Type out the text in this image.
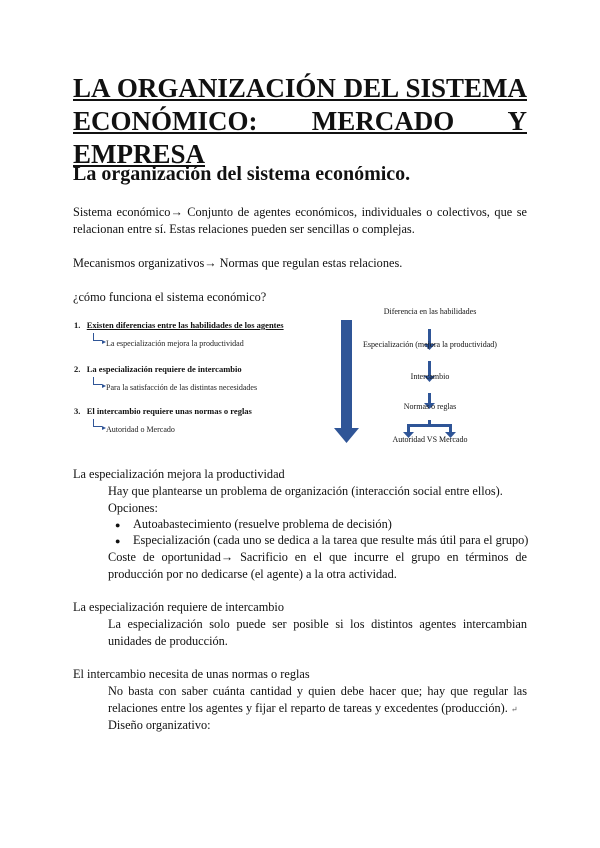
LA ORGANIZACIÓN DEL SISTEMA
ECONÓMICO: MERCADO Y EMPRESA
La organización del sistema económico.
Sistema económico→ Conjunto de agentes económicos, individuales o colectivos, que se relacionan entre sí. Estas relaciones pueden ser sencillas o complejas.
Mecanismos organizativos→ Normas que regulan estas relaciones.
¿cómo funciona el sistema económico?
1. Existen diferencias entre las habilidades de los agentes
La especialización mejora la productividad
2. La especialización requiere de intercambio
Para la satisfacción de las distintas necesidades
3. El intercambio requiere unas normas o reglas
Autoridad o Mercado
Diferencia en las habilidades
Especialización (mejora la productividad)
Intercambio
Normas o reglas
Autoridad VS Mercado
La especialización mejora la productividad
Hay que plantearse un problema de organización (interacción social entre ellos).
Opciones:
● Autoabastecimiento (resuelve problema de decisión)
● Especialización (cada uno se dedica a la tarea que resulte más útil para el grupo)
Coste de oportunidad→ Sacrificio en el que incurre el grupo en términos de producción por no dedicarse (el agente) a la otra actividad.
La especialización requiere de intercambio
La especialización solo puede ser posible si los distintos agentes intercambian unidades de producción.
El intercambio necesita de unas normas o reglas
No basta con saber cuánta cantidad y quien debe hacer que; hay que regular las relaciones entre los agentes y fijar el reparto de tareas y excedentes (producción). ↵
Diseño organizativo:
